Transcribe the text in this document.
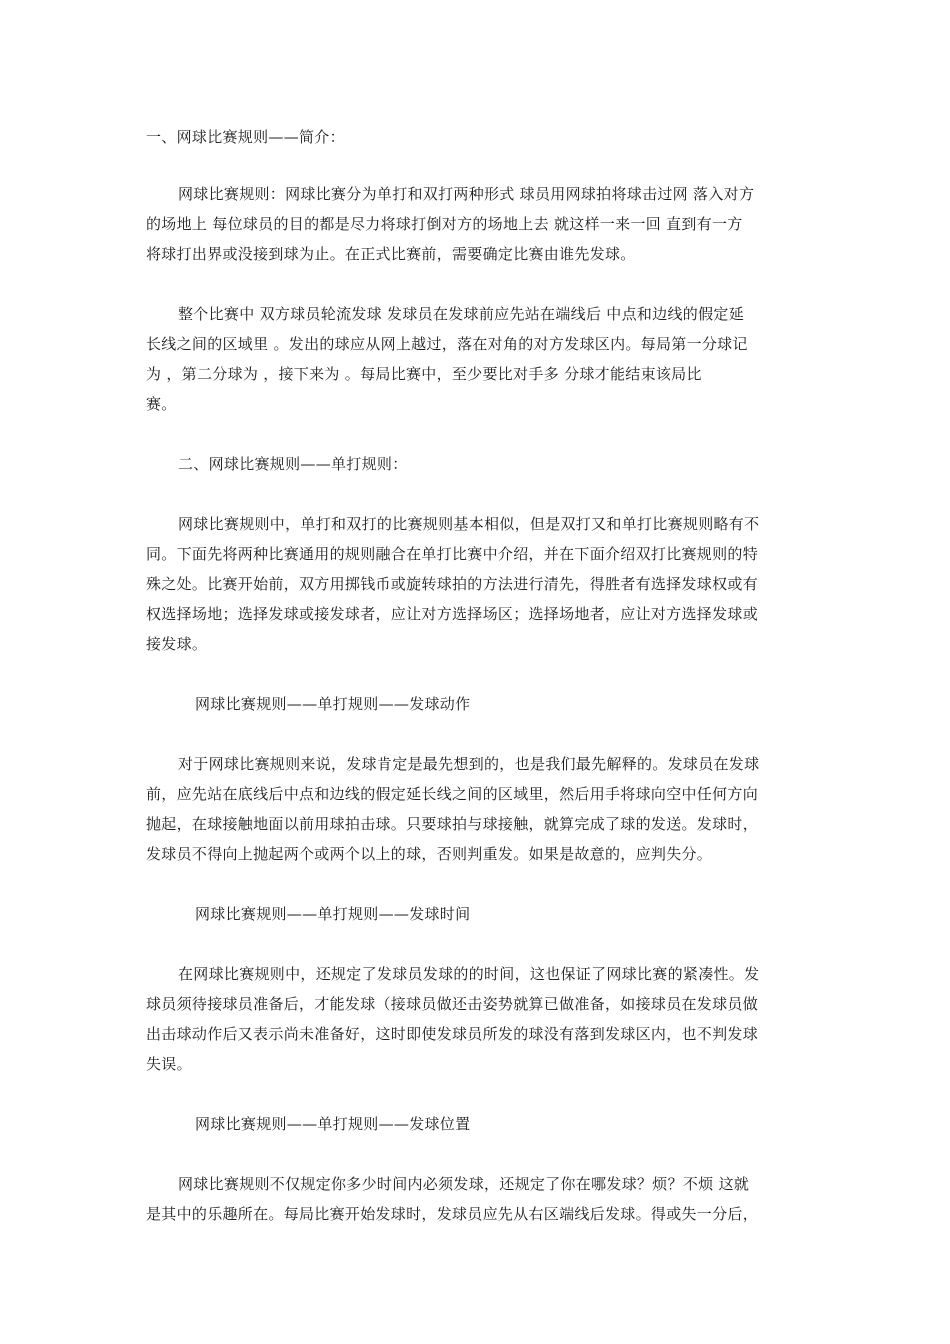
一、网球比赛规则——简介：
网球比赛规则：网球比赛分为单打和双打两种形式 球员用网球拍将球击过网 落入对方
的场地上 每位球员的目的都是尽力将球打倒对方的场地上去 就这样一来一回 直到有一方
将球打出界或没接到球为止。在正式比赛前，需要确定比赛由谁先发球。
整个比赛中 双方球员轮流发球 发球员在发球前应先站在端线后 中点和边线的假定延
长线之间的区域里 。发出的球应从网上越过，落在对角的对方发球区内。每局第一分球记
为 ，第二分球为 ，接下来为 。每局比赛中，至少要比对手多 分球才能结束该局比
赛。
二、网球比赛规则——单打规则：
网球比赛规则中，单打和双打的比赛规则基本相似，但是双打又和单打比赛规则略有不
同。下面先将两种比赛通用的规则融合在单打比赛中介绍，并在下面介绍双打比赛规则的特
殊之处。比赛开始前，双方用掷钱币或旋转球拍的方法进行清先，得胜者有选择发球权或有
权选择场地；选择发球或接发球者，应让对方选择场区；选择场地者，应让对方选择发球或
接发球。
网球比赛规则——单打规则——发球动作
对于网球比赛规则来说，发球肯定是最先想到的，也是我们最先解释的。发球员在发球
前，应先站在底线后中点和边线的假定延长线之间的区域里，然后用手将球向空中任何方向
抛起，在球接触地面以前用球拍击球。只要球拍与球接触，就算完成了球的发送。发球时，
发球员不得向上抛起两个或两个以上的球，否则判重发。如果是故意的，应判失分。
网球比赛规则——单打规则——发球时间
在网球比赛规则中，还规定了发球员发球的的时间，这也保证了网球比赛的紧凑性。发
球员须待接球员准备后，才能发球（接球员做还击姿势就算已做准备，如接球员在发球员做
出击球动作后又表示尚未准备好，这时即使发球员所发的球没有落到发球区内，也不判发球
失误。
网球比赛规则——单打规则——发球位置
网球比赛规则不仅规定你多少时间内必须发球，还规定了你在哪发球？烦？不烦 这就
是其中的乐趣所在。每局比赛开始发球时，发球员应先从右区端线后发球。得或失一分后，
